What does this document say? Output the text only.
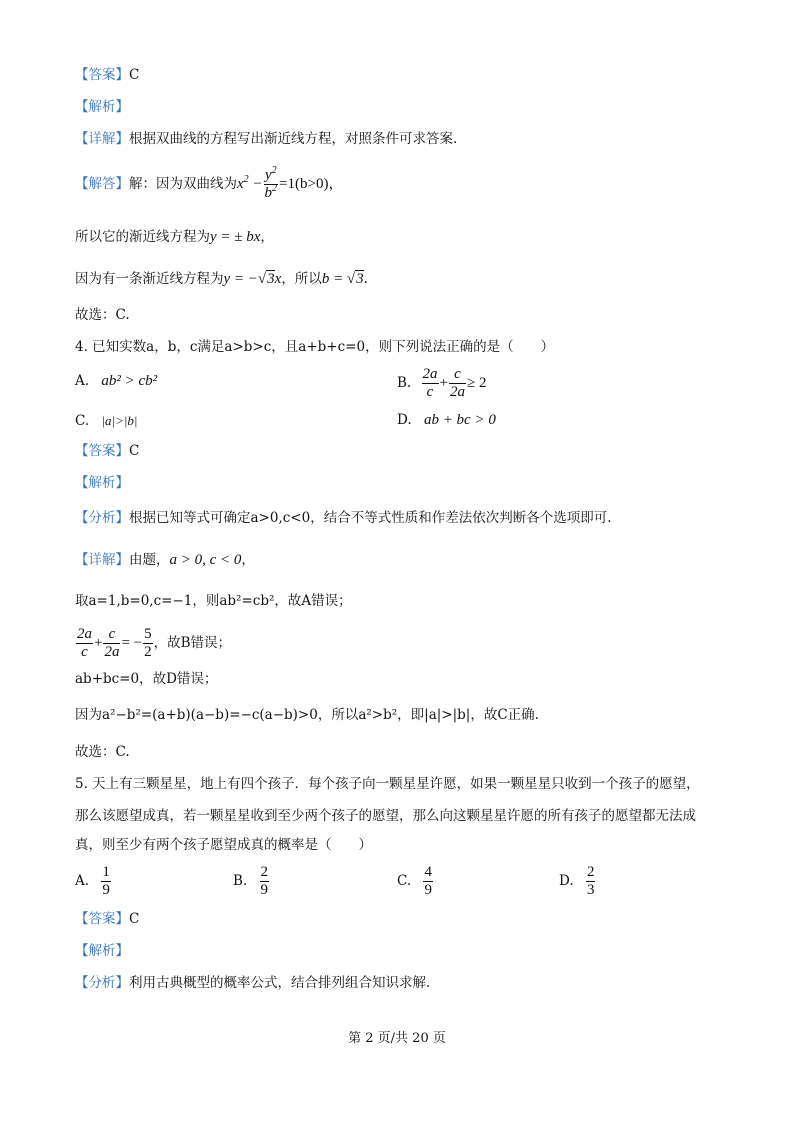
【答案】C
【解析】
【详解】根据双曲线的方程写出渐近线方程，对照条件可求答案.
【解答】解：因为双曲线为$x^2 - \frac{y^2}{b^2} =1(b>0)$，
所以它的渐近线方程为y = ± bx，
因为有一条渐近线方程为y = −√3x，所以b = √3.
故选：C.
4. 已知实数a，b，c满足a>b>c，且a+b+c=0，则下列说法正确的是（　　）
A. ab² > cb²	B. $\frac{2a}{c} + \frac{c}{2a} \ge 2$
C. |a|>|b|	D. ab + bc > 0
【答案】C
【解析】
【分析】根据已知等式可确定a>0,c<0，结合不等式性质和作差法依次判断各个选项即可.
【详解】由题，a > 0, c < 0，
取a=1,b=0,c=−1，则ab²=cb²，故A错误；
$\frac{2a}{c} + \frac{c}{2a}$ = − $\frac{5}{2}$ ，故B错误；
ab+bc=0，故D错误；
因为a²−b²=(a+b)(a−b)=−c(a−b)>0，所以a²>b²，即|a|>|b|，故C正确.
故选：C.
5. 天上有三颗星星，地上有四个孩子．每个孩子向一颗星星许愿，如果一颗星星只收到一个孩子的愿望，
那么该愿望成真，若一颗星星收到至少两个孩子的愿望，那么向这颗星星许愿的所有孩子的愿望都无法成
真，则至少有两个孩子愿望成真的概率是（　　）
A. $\frac{1}{9}$	B. $\frac{2}{9}$	C. $\frac{4}{9}$	D. $\frac{2}{3}$
【答案】C
【解析】
【分析】利用古典概型的概率公式，结合排列组合知识求解.
第 2 页/共 20 页
